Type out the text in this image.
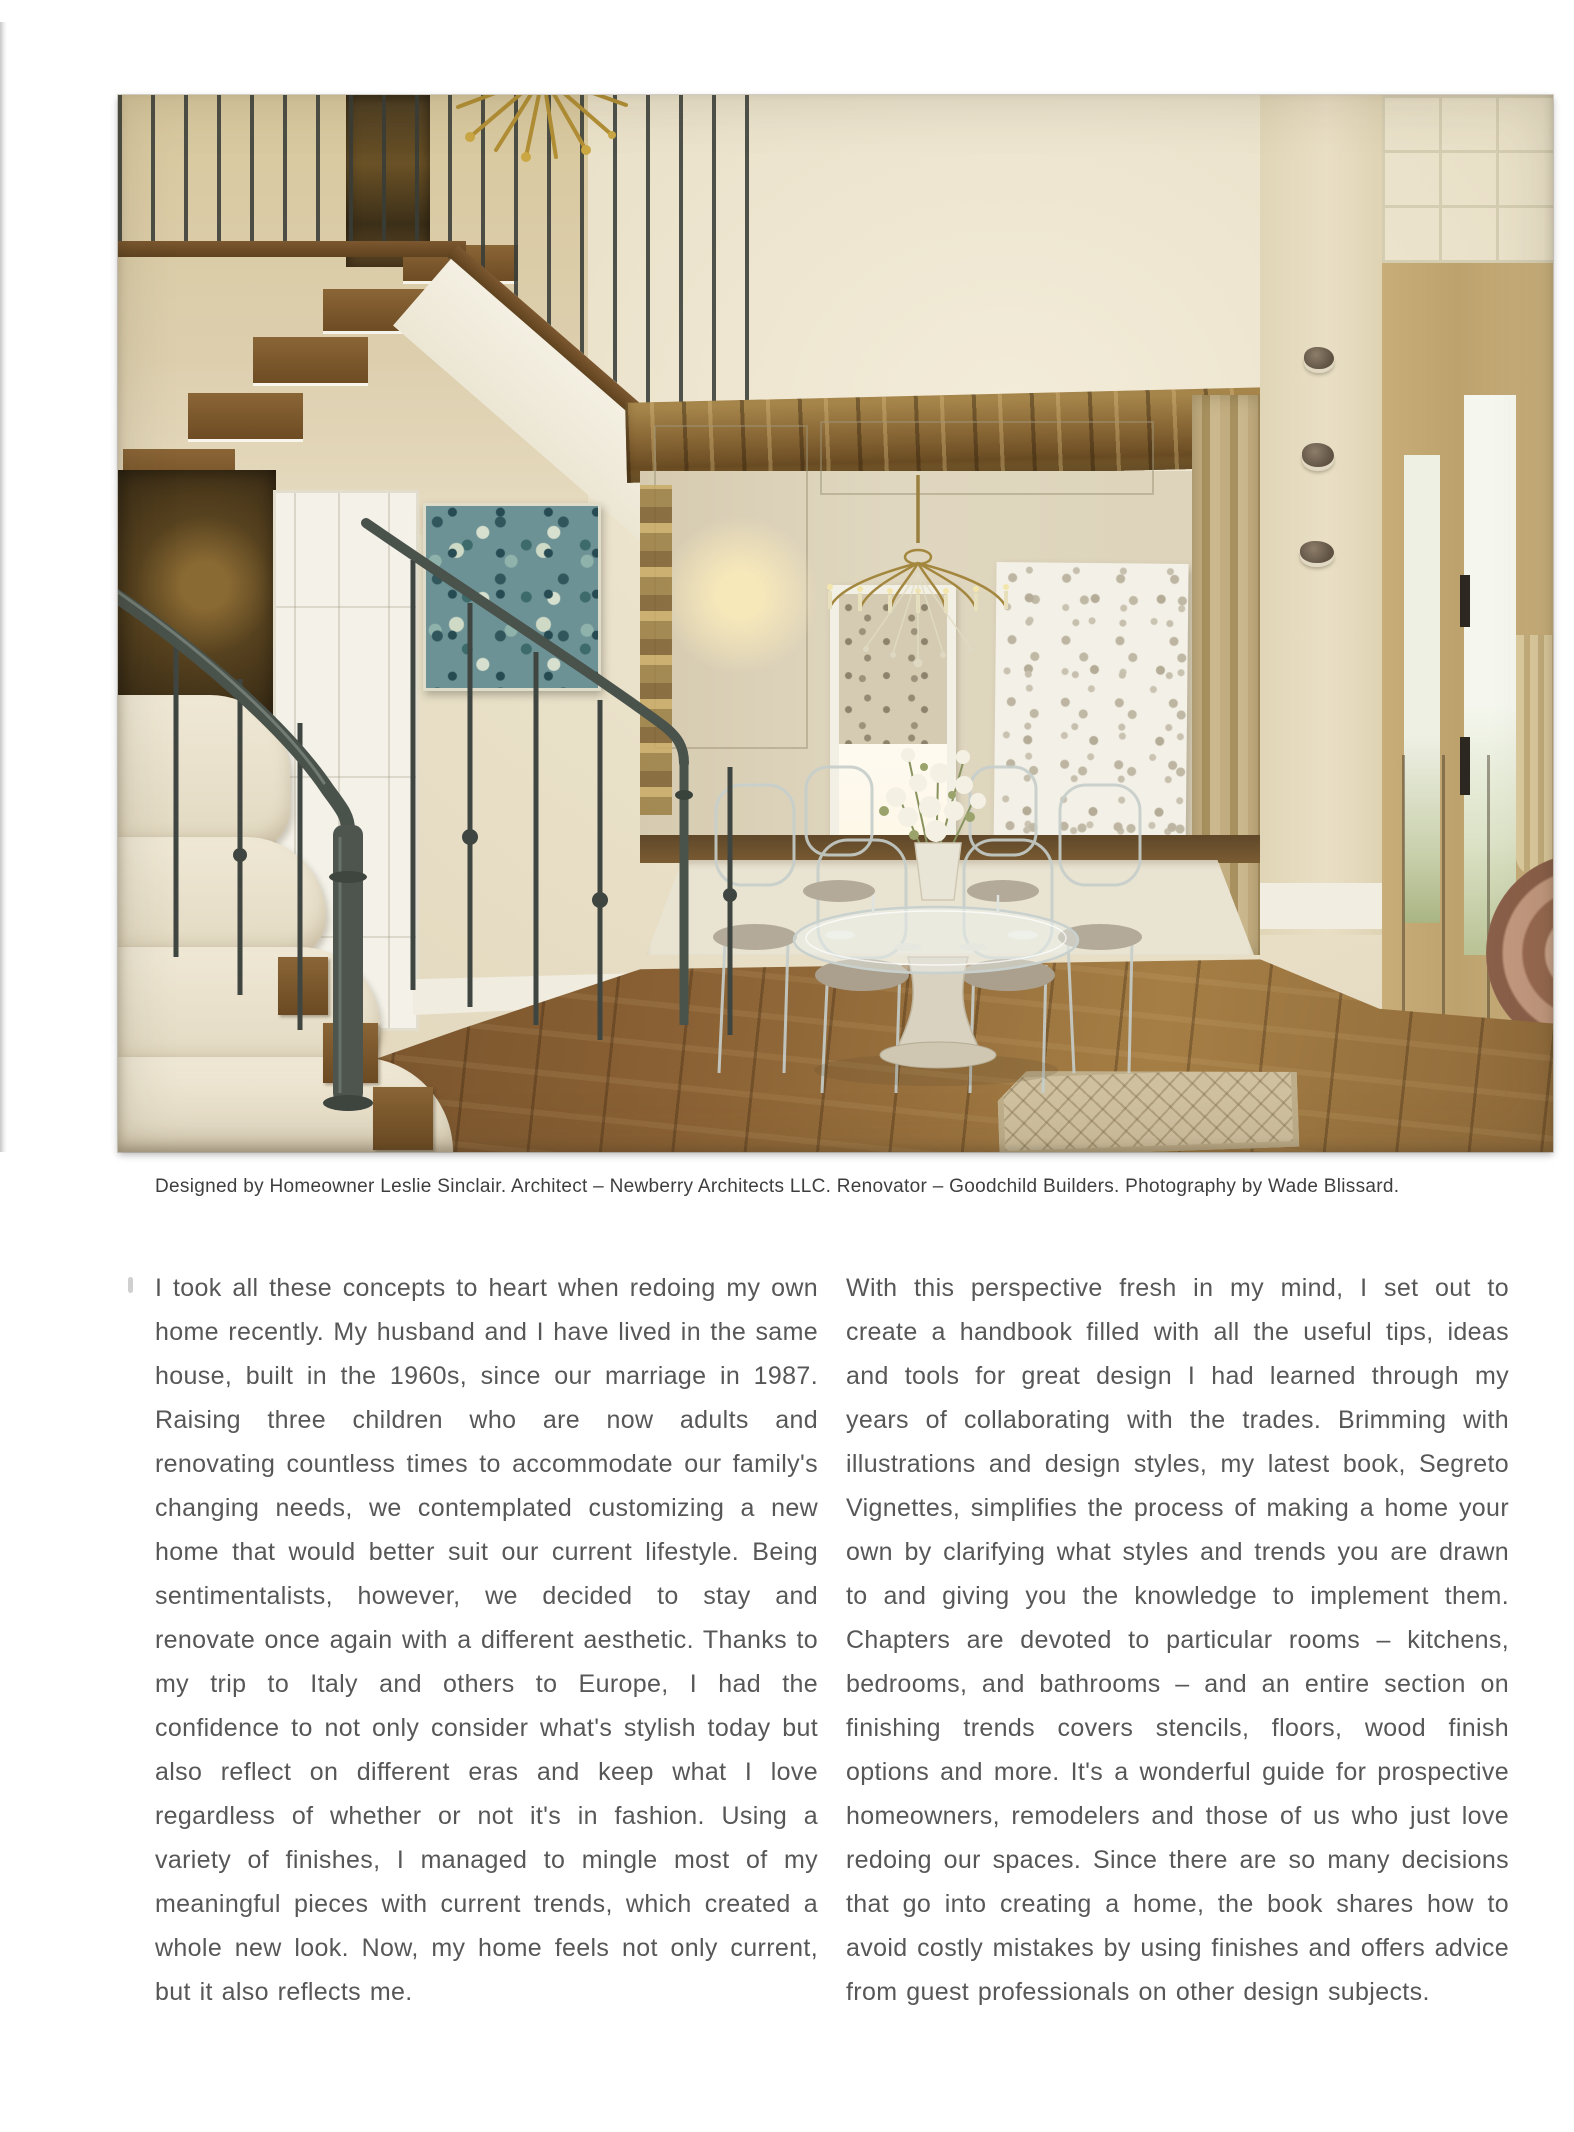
Designed by Homeowner Leslie Sinclair. Architect – Newberry Architects LLC. Renovator – Goodchild Builders. Photography by Wade Blissard.

I took all these concepts to heart when redoing my own home recently. My husband and I have lived in the same house, built in the 1960s, since our marriage in 1987. Raising three children who are now adults and renovating countless times to accommodate our family's changing needs, we contemplated customizing a new home that would better suit our current lifestyle. Being sentimentalists, however, we decided to stay and renovate once again with a different aesthetic. Thanks to my trip to Italy and others to Europe, I had the confidence to not only consider what's stylish today but also reflect on different eras and keep what I love regardless of whether or not it's in fashion. Using a variety of finishes, I managed to mingle most of my meaningful pieces with current trends, which created a whole new look. Now, my home feels not only current, but it also reflects me.

With this perspective fresh in my mind, I set out to create a handbook filled with all the useful tips, ideas and tools for great design I had learned through my years of collaborating with the trades. Brimming with illustrations and design styles, my latest book, Segreto Vignettes, simplifies the process of making a home your own by clarifying what styles and trends you are drawn to and giving you the knowledge to implement them. Chapters are devoted to particular rooms – kitchens, bedrooms, and bathrooms – and an entire section on finishing trends covers stencils, floors, wood finish options and more. It's a wonderful guide for prospective homeowners, remodelers and those of us who just love redoing our spaces. Since there are so many decisions that go into creating a home, the book shares how to avoid costly mistakes by using finishes and offers advice from guest professionals on other design subjects.
